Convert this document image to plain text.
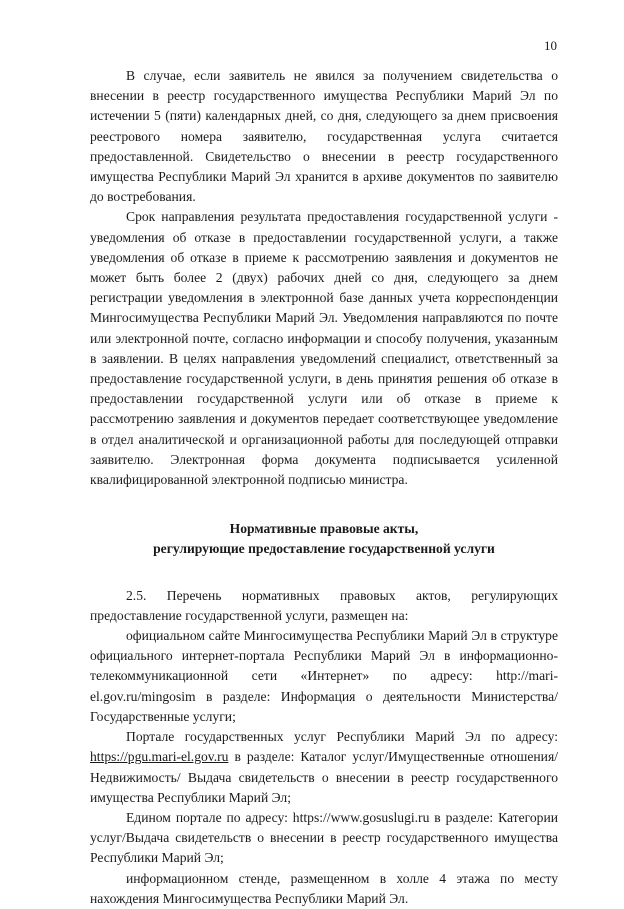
10

В случае, если заявитель не явился за получением свидетельства о внесении в реестр государственного имущества Республики Марий Эл по истечении 5 (пяти) календарных дней, со дня, следующего за днем присвоения реестрового номера заявителю, государственная услуга считается предоставленной. Свидетельство о внесении в реестр государственного имущества Республики Марий Эл хранится в архиве документов по заявителю до востребования.

Срок направления результата предоставления государственной услуги - уведомления об отказе в предоставлении государственной услуги, а также уведомления об отказе в приеме к рассмотрению заявления и документов не может быть более 2 (двух) рабочих дней со дня, следующего за днем регистрации уведомления в электронной базе данных учета корреспонденции Мингосимущества Республики Марий Эл. Уведомления направляются по почте или электронной почте, согласно информации и способу получения, указанным в заявлении. В целях направления уведомлений специалист, ответственный за предоставление государственной услуги, в день принятия решения об отказе в предоставлении государственной услуги или об отказе в приеме к рассмотрению заявления и документов передает соответствующее уведомление в отдел аналитической и организационной работы для последующей отправки заявителю. Электронная форма документа подписывается усиленной квалифицированной электронной подписью министра.

Нормативные правовые акты,
регулирующие предоставление государственной услуги

2.5. Перечень нормативных правовых актов, регулирующих предоставление государственной услуги, размещен на:

официальном сайте Мингосимущества Республики Марий Эл в структуре официального интернет-портала Республики Марий Эл в информационно-телекоммуникационной сети «Интернет» по адресу: http://mari-el.gov.ru/mingosim в разделе: Информация о деятельности Министерства/Государственные услуги;

Портале государственных услуг Республики Марий Эл по адресу: https://pgu.mari-el.gov.ru в разделе: Каталог услуг/Имущественные отношения/Недвижимость/ Выдача свидетельств о внесении в реестр государственного имущества Республики Марий Эл;

Едином портале по адресу: https://www.gosuslugi.ru в разделе: Категории услуг/Выдача свидетельств о внесении в реестр государственного имущества Республики Марий Эл;

информационном стенде, размещенном в холле 4 этажа по месту нахождения Мингосимущества Республики Марий Эл.
